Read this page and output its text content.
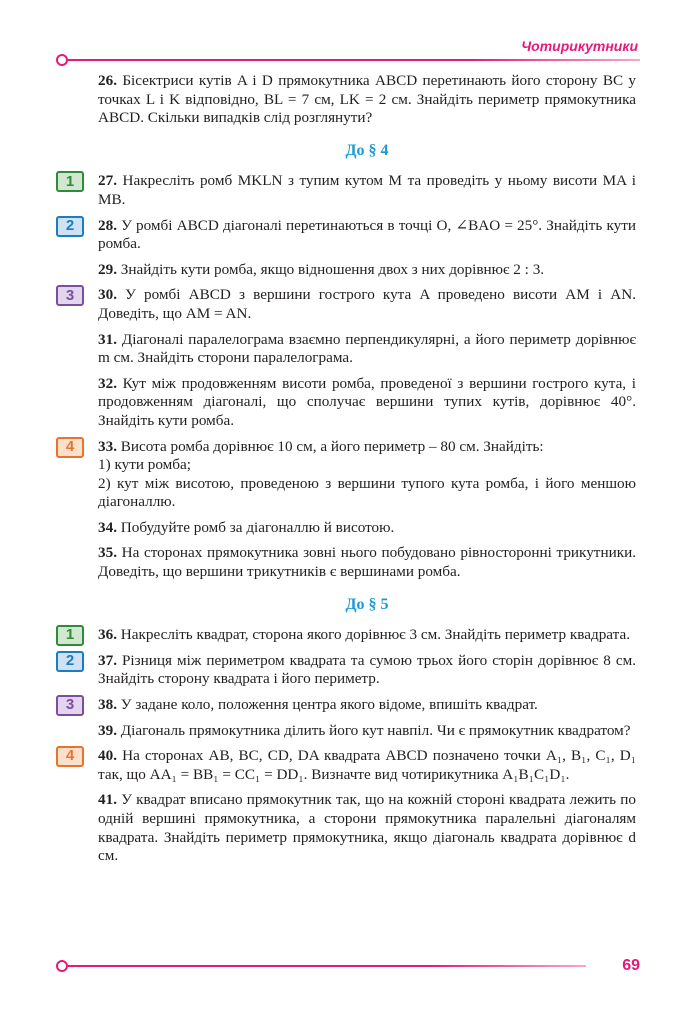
Чотирикутники
26. Бісектриси кутів A і D прямокутника ABCD перетинають його сторону BC у точках L і K відповідно, BL = 7 см, LK = 2 см. Знайдіть периметр прямокутника ABCD. Скільки випадків слід розглянути?
До § 4
1	27. Накресліть ромб MKLN з тупим кутом M та проведіть у ньому висоти MA і MB.
2	28. У ромбі ABCD діагоналі перетинаються в точці O, ∠BAO = 25°. Знайдіть кути ромба.
29. Знайдіть кути ромба, якщо відношення двох з них дорівнює 2 : 3.
3	30. У ромбі ABCD з вершини гострого кута A проведено висоти AM і AN. Доведіть, що AM = AN.
31. Діагоналі паралелограма взаємно перпендикулярні, а його периметр дорівнює m см. Знайдіть сторони паралелограма.
32. Кут між продовженням висоти ромба, проведеної з вершини гострого кута, і продовженням діагоналі, що сполучає вершини тупих кутів, дорівнює 40°. Знайдіть кути ромба.
4	33. Висота ромба дорівнює 10 см, а його периметр – 80 см. Знайдіть:
1) кути ромба;
2) кут між висотою, проведеною з вершини тупого кута ромба, і його меншою діагоналлю.
34. Побудуйте ромб за діагоналлю й висотою.
35. На сторонах прямокутника зовні нього побудовано рівносторонні трикутники. Доведіть, що вершини трикутників є вершинами ромба.
До § 5
1	36. Накресліть квадрат, сторона якого дорівнює 3 см. Знайдіть периметр квадрата.
2	37. Різниця між периметром квадрата та сумою трьох його сторін дорівнює 8 см. Знайдіть сторону квадрата і його периметр.
3	38. У задане коло, положення центра якого відоме, впишіть квадрат.
39. Діагональ прямокутника ділить його кут навпіл. Чи є прямокутник квадратом?
4	40. На сторонах AB, BC, CD, DA квадрата ABCD позначено точки A₁, B₁, C₁, D₁ так, що AA₁ = BB₁ = CC₁ = DD₁. Визначте вид чотирикутника A₁B₁C₁D₁.
41. У квадрат вписано прямокутник так, що на кожній стороні квадрата лежить по одній вершині прямокутника, а сторони прямокутника паралельні діагоналям квадрата. Знайдіть периметр прямокутника, якщо діагональ квадрата дорівнює d см.
69
